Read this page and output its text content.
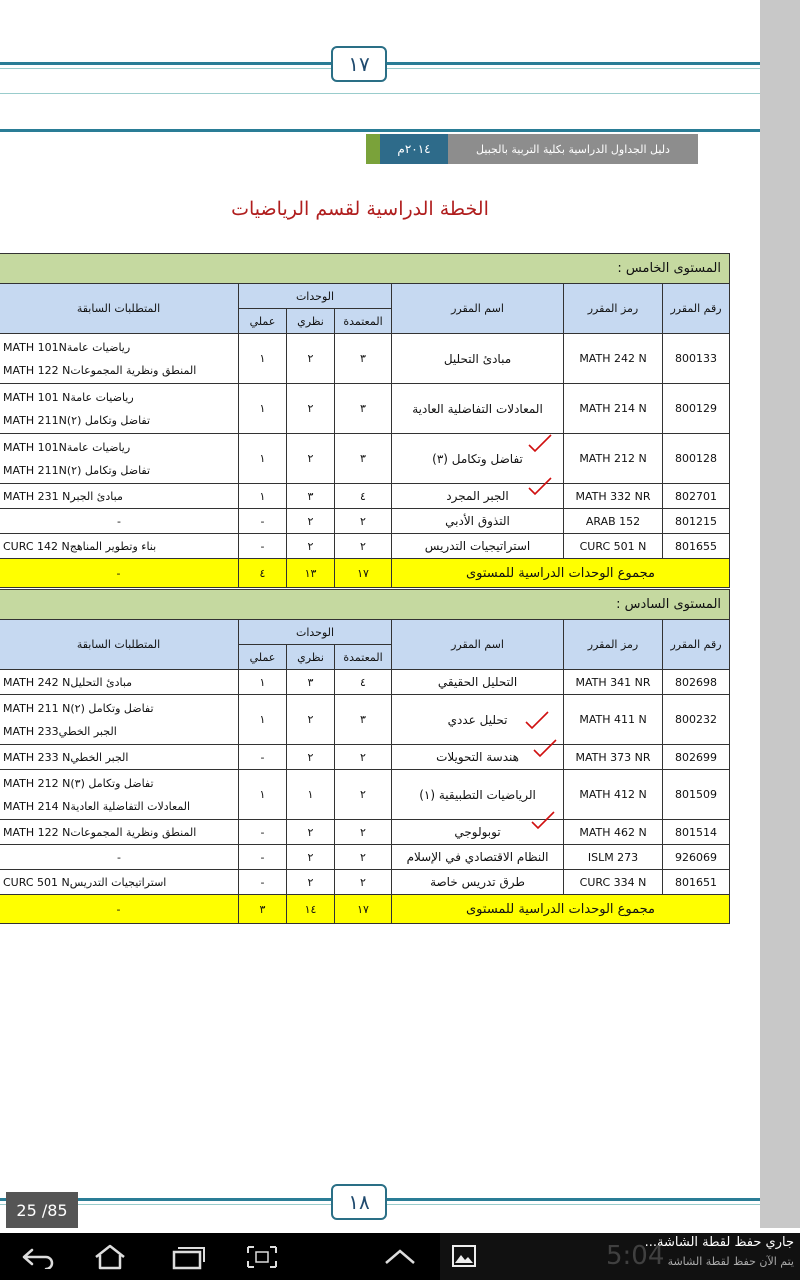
١٧
دليل الجداول الدراسية بكلية التربية بالجبيل
٢٠١٤م
الخطة الدراسية لقسم الرياضيات
المستوى الخامس :						
رقم المقرر	رمز المقرر	اسم المقرر	الوحدات			المتطلبات السابقة
			المعتمدة	نظري	عملي	
800133	MATH 242 N	مبادئ التحليل	٣	٢	١	رياضيات عامةMATH 101N
المنطق ونظرية المجموعاتMATH 122 N

800129	MATH 214 N	المعادلات التفاضلية العادية	٣	٢	١	رياضيات عامةMATH 101 N
تفاضل وتكامل (٢)MATH 211N

800128	MATH 212 N	تفاضل وتكامل (٣)	٣	٢	١	رياضيات عامةMATH 101N
تفاضل وتكامل (٢)MATH 211N

802701	MATH 332 NR	الجبر المجرد	٤	٣	١	مبادئ الجبرMATH 231 N

801215	ARAB 152	التذوق الأدبي	٢	٢	-	-

801655	CURC 501 N	استراتيجيات التدريس	٢	٢	-	بناء وتطوير المناهجCURC 142 N

مجموع الوحدات الدراسية للمستوى			١٧	١٣	٤	-
المستوى السادس :						
رقم المقرر	رمز المقرر	اسم المقرر	الوحدات			المتطلبات السابقة
			المعتمدة	نظري	عملي	
802698	MATH 341 NR	التحليل الحقيقي	٤	٣	١	مبادئ التحليلMATH 242 N

800232	MATH 411 N	تحليل عددي	٣	٢	١	تفاضل وتكامل (٢)MATH 211 N
الجبر الخطي233 MATH

802699	MATH 373 NR	هندسة التحويلات	٢	٢	-	الجبر الخطيMATH 233 N

801509	MATH 412 N	الرياضيات التطبيقية (١)	٢	١	١	تفاضل وتكامل (٣)MATH 212 N
المعادلات التفاضلية العاديةMATH 214 N

801514	MATH 462 N	توبولوجي	٢	٢	-	المنطق ونظرية المجموعاتMATH 122 N

926069	ISLM 273	النظام الاقتصادي في الإسلام	٢	٢	-	-

801651	CURC 334 N	طرق تدريس خاصة	٢	٢	-	استراتيجيات التدريسCURC 501 N

مجموع الوحدات الدراسية للمستوى			١٧	١٤	٣	-
١٨
25 /85
5:04
جاري حفظ لقطة الشاشة...
يتم الآن حفظ لقطة الشاشة
